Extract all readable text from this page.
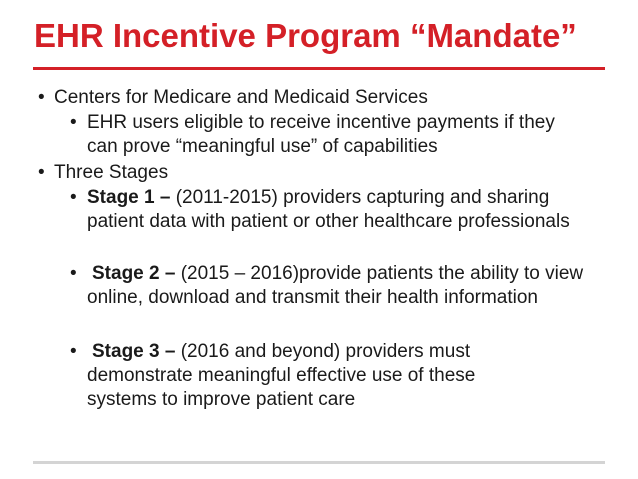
EHR Incentive Program “Mandate”
• Centers for Medicare and Medicaid Services
• EHR users eligible to receive incentive payments if they can prove “meaningful use” of capabilities
• Three Stages
• Stage 1 – (2011-2015) providers capturing and sharing patient data with patient or other healthcare professionals
• Stage 2 – (2015 – 2016)provide patients the ability to view online, download and transmit their health information
• Stage 3 – (2016 and beyond) providers must demonstrate meaningful effective use of these systems to improve patient care
